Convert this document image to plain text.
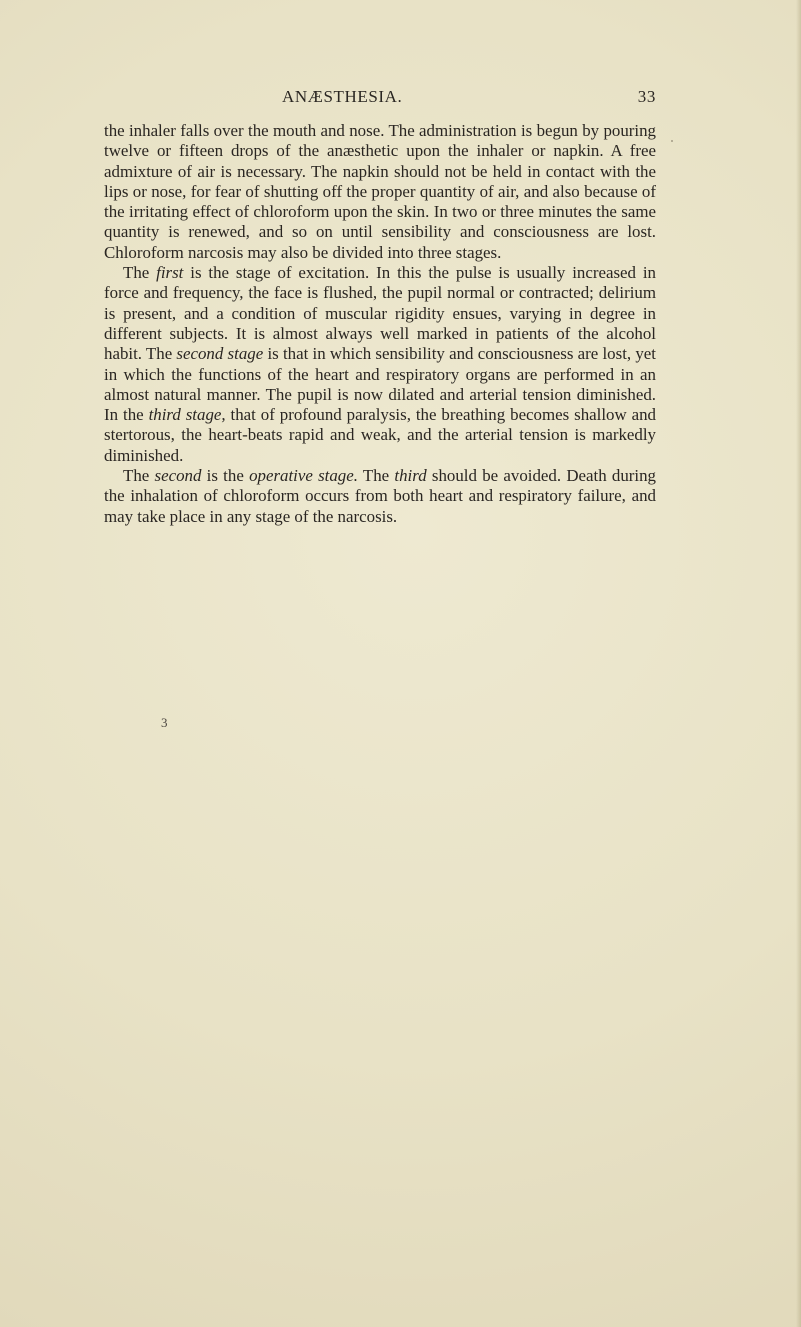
ANÆSTHESIA.	33

the inhaler falls over the mouth and nose. The administration is begun by pouring twelve or fifteen drops of the anæsthetic upon the inhaler or napkin. A free admixture of air is necessary. The napkin should not be held in contact with the lips or nose, for fear of shutting off the proper quantity of air, and also because of the irritating effect of chloroform upon the skin. In two or three minutes the same quantity is renewed, and so on until sensibility and consciousness are lost. Chloroform narcosis may also be divided into three stages.

The first is the stage of excitation. In this the pulse is usually increased in force and frequency, the face is flushed, the pupil normal or contracted; delirium is present, and a condition of muscular rigidity ensues, varying in degree in different subjects. It is almost always well marked in patients of the alcohol habit. The second stage is that in which sensibility and consciousness are lost, yet in which the functions of the heart and respiratory organs are performed in an almost natural manner. The pupil is now dilated and arterial tension diminished. In the third stage, that of profound paralysis, the breathing becomes shallow and stertorous, the heart-beats rapid and weak, and the arterial tension is markedly diminished.

The second is the operative stage. The third should be avoided. Death during the inhalation of chloroform occurs from both heart and respiratory failure, and may take place in any stage of the narcosis.

3
